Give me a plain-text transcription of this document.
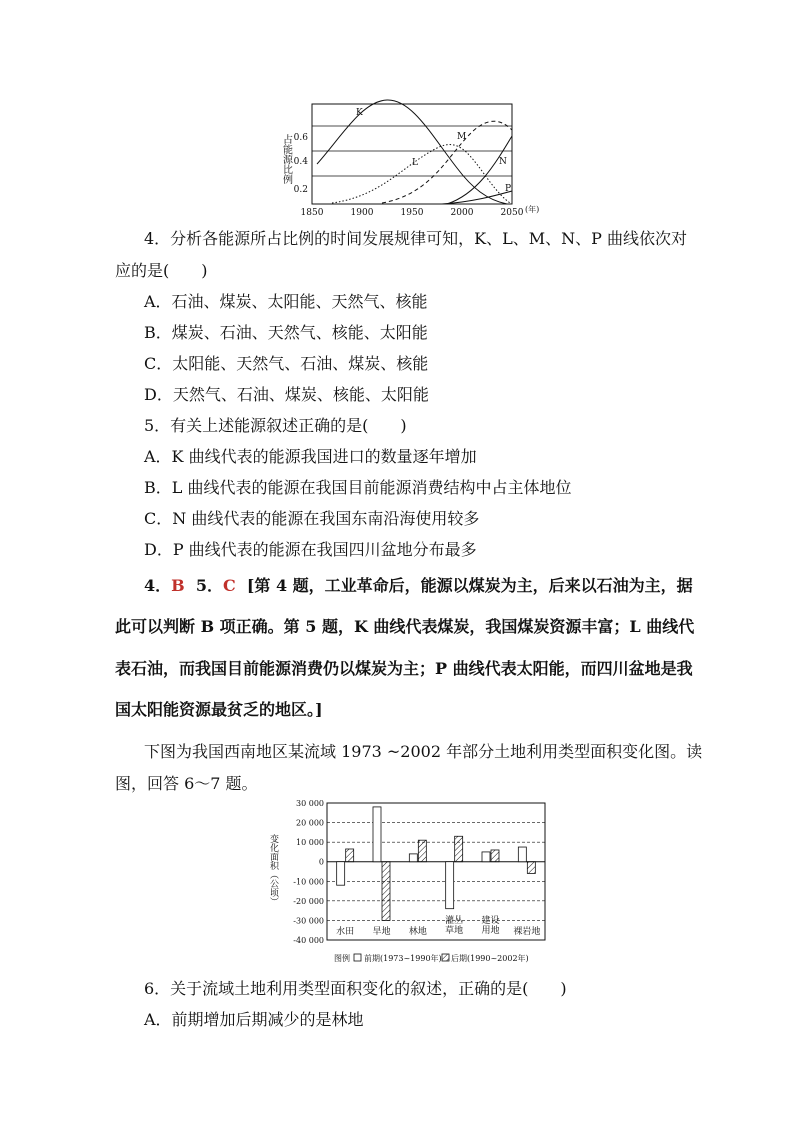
占能源比例 0.6
0.4
0.2
1850	1900	1950	2000	2050 (年)
K
L
M
N
P
4．分析各能源所占比例的时间发展规律可知，K、L、M、N、P 曲线依次对
应的是(　　)
A．石油、煤炭、太阳能、天然气、核能
B．煤炭、石油、天然气、核能、太阳能
C．太阳能、天然气、石油、煤炭、核能
D．天然气、石油、煤炭、核能、太阳能
5．有关上述能源叙述正确的是(　　)
A．K 曲线代表的能源我国进口的数量逐年增加
B．L 曲线代表的能源在我国目前能源消费结构中占主体地位
C．N 曲线代表的能源在我国东南沿海使用较多
D．P 曲线代表的能源在我国四川盆地分布最多
4．B  5．C  [第 4 题，工业革命后，能源以煤炭为主，后来以石油为主，据
此可以判断 B 项正确。第 5 题，K 曲线代表煤炭，我国煤炭资源丰富；L 曲线代
表石油，而我国目前能源消费仍以煤炭为主；P 曲线代表太阳能，而四川盆地是我
国太阳能资源最贫乏的地区。]
下图为我国西南地区某流域 1973 ~2002 年部分土地利用类型面积变化图。读
图，回答 6～7 题。
变化面积（公顷）
30 000
20 000
10 000
0
-10 000
-20 000
-30 000
-40 000
水田 旱地 林地
灌丛
草地
建设
用地 裸岩地
图例 前期(1973~1990年) 后期(1990~2002年)
6．关于流域土地利用类型面积变化的叙述，正确的是(　　)
A．前期增加后期减少的是林地
